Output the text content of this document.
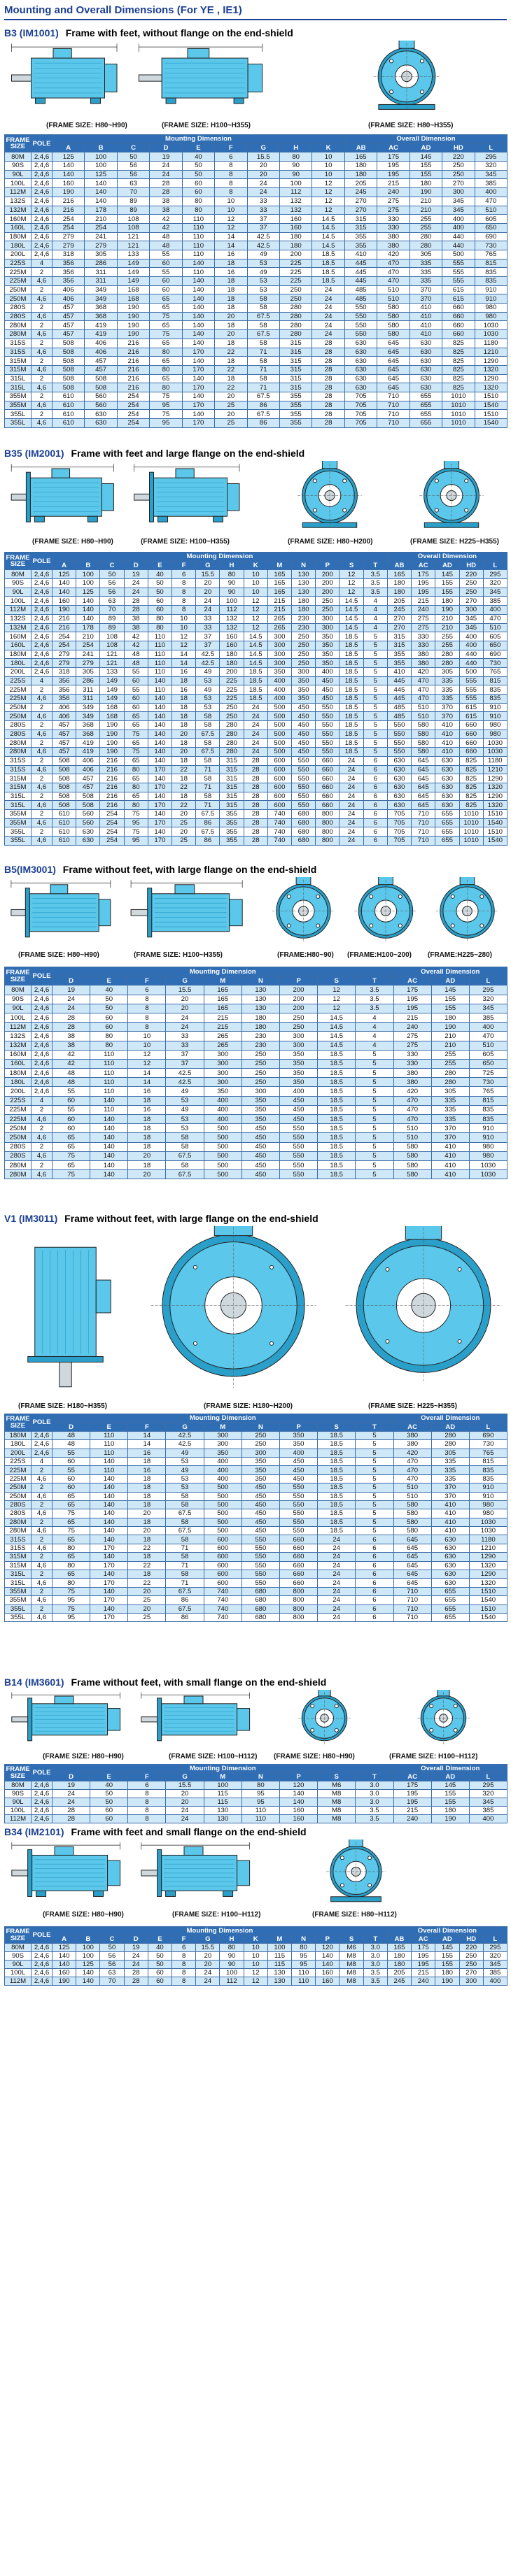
Mounting and Overall Dimensions (For YE , IE1)
B3 (IM1001) Frame with feet, without flange on the end-shield
(FRAME SIZE: H80~H90)	(FRAME SIZE: H100~H355)	(FRAME SIZE: H80~H355)
FRAME SIZE	POLE	Mounting Dimension									Overall Dimension				
		A	B	C	D	E	F	G	H	K	AB	AC	AD	HD	L
80M	2,4,6	125	100	50	19	40	6	15.5	80	10	165	175	145	220	295
90S	2,4,6	140	100	56	24	50	8	20	90	10	180	195	155	250	320
90L	2,4,6	140	125	56	24	50	8	20	90	10	180	195	155	250	345
100L	2,4,6	160	140	63	28	60	8	24	100	12	205	215	180	270	385
112M	2,4,6	190	140	70	28	60	8	24	112	12	245	240	190	300	400
132S	2,4,6	216	140	89	38	80	10	33	132	12	270	275	210	345	470
132M	2,4,6	216	178	89	38	80	10	33	132	12	270	275	210	345	510
160M	2,4,6	254	210	108	42	110	12	37	160	14.5	315	330	255	400	605
160L	2,4,6	254	254	108	42	110	12	37	160	14.5	315	330	255	400	650
180M	2,4,6	279	241	121	48	110	14	42.5	180	14.5	355	380	280	440	690
180L	2,4,6	279	279	121	48	110	14	42.5	180	14.5	355	380	280	440	730
200L	2,4,6	318	305	133	55	110	16	49	200	18.5	410	420	305	500	765
225S	4	356	286	149	60	140	18	53	225	18.5	445	470	335	555	815
225M	2	356	311	149	55	110	16	49	225	18.5	445	470	335	555	835
225M	4,6	356	311	149	60	140	18	53	225	18.5	445	470	335	555	835
250M	2	406	349	168	60	140	18	53	250	24	485	510	370	615	910
250M	4,6	406	349	168	65	140	18	58	250	24	485	510	370	615	910
280S	2	457	368	190	65	140	18	58	280	24	550	580	410	660	980
280S	4,6	457	368	190	75	140	20	67.5	280	24	550	580	410	660	980
280M	2	457	419	190	65	140	18	58	280	24	550	580	410	660	1030
280M	4,6	457	419	190	75	140	20	67.5	280	24	550	580	410	660	1030
315S	2	508	406	216	65	140	18	58	315	28	630	645	630	825	1180
315S	4,6	508	406	216	80	170	22	71	315	28	630	645	630	825	1210
315M	2	508	457	216	65	140	18	58	315	28	630	645	630	825	1290
315M	4,6	508	457	216	80	170	22	71	315	28	630	645	630	825	1320
315L	2	508	508	216	65	140	18	58	315	28	630	645	630	825	1290
315L	4,6	508	508	216	80	170	22	71	315	28	630	645	630	825	1320
355M	2	610	560	254	75	140	20	67.5	355	28	705	710	655	1010	1510
355M	4,6	610	560	254	95	170	25	86	355	28	705	710	655	1010	1540
355L	2	610	630	254	75	140	20	67.5	355	28	705	710	655	1010	1510
355L	4,6	610	630	254	95	170	25	86	355	28	705	710	655	1010	1540
B35 (IM2001) Frame with feet and large flange on the end-shield
(FRAME SIZE: H80~H90)	(FRAME SIZE: H100~H355)	(FRAME SIZE: H80~H200)	(FRAME SIZE: H225~H355)
FRAME SIZE	POLE	Mounting Dimension														Overall Dimension				
		A	B	C	D	E	F	G	H	K	M	N	P	S	T	AB	AC	AD	HD	L
80M	2,4,6	125	100	50	19	40	6	15.5	80	10	165	130	200	12	3.5	165	175	145	220	295
90S	2,4,6	140	100	56	24	50	8	20	90	10	165	130	200	12	3.5	180	195	155	250	320
90L	2,4,6	140	125	56	24	50	8	20	90	10	165	130	200	12	3.5	180	195	155	250	345
100L	2,4,6	160	140	63	28	60	8	24	100	12	215	180	250	14.5	4	205	215	180	270	385
112M	2,4,6	190	140	70	28	60	8	24	112	12	215	180	250	14.5	4	245	240	190	300	400
132S	2,4,6	216	140	89	38	80	10	33	132	12	265	230	300	14.5	4	270	275	210	345	470
132M	2,4,6	216	178	89	38	80	10	33	132	12	265	230	300	14.5	4	270	275	210	345	510
160M	2,4,6	254	210	108	42	110	12	37	160	14.5	300	250	350	18.5	5	315	330	255	400	605
160L	2,4,6	254	254	108	42	110	12	37	160	14.5	300	250	350	18.5	5	315	330	255	400	650
180M	2,4,6	279	241	121	48	110	14	42.5	180	14.5	300	250	350	18.5	5	355	380	280	440	690
180L	2,4,6	279	279	121	48	110	14	42.5	180	14.5	300	250	350	18.5	5	355	380	280	440	730
200L	2,4,6	318	305	133	55	110	16	49	200	18.5	350	300	400	18.5	5	410	420	305	500	765
225S	4	356	286	149	60	140	18	53	225	18.5	400	350	450	18.5	5	445	470	335	555	815
225M	2	356	311	149	55	110	16	49	225	18.5	400	350	450	18.5	5	445	470	335	555	835
225M	4,6	356	311	149	60	140	18	53	225	18.5	400	350	450	18.5	5	445	470	335	555	835
250M	2	406	349	168	60	140	18	53	250	24	500	450	550	18.5	5	485	510	370	615	910
250M	4,6	406	349	168	65	140	18	58	250	24	500	450	550	18.5	5	485	510	370	615	910
280S	2	457	368	190	65	140	18	58	280	24	500	450	550	18.5	5	550	580	410	660	980
280S	4,6	457	368	190	75	140	20	67.5	280	24	500	450	550	18.5	5	550	580	410	660	980
280M	2	457	419	190	65	140	18	58	280	24	500	450	550	18.5	5	550	580	410	660	1030
280M	4,6	457	419	190	75	140	20	67.5	280	24	500	450	550	18.5	5	550	580	410	660	1030
315S	2	508	406	216	65	140	18	58	315	28	600	550	660	24	6	630	645	630	825	1180
315S	4,6	508	406	216	80	170	22	71	315	28	600	550	660	24	6	630	645	630	825	1210
315M	2	508	457	216	65	140	18	58	315	28	600	550	660	24	6	630	645	630	825	1290
315M	4,6	508	457	216	80	170	22	71	315	28	600	550	660	24	6	630	645	630	825	1320
315L	2	508	508	216	65	140	18	58	315	28	600	550	660	24	6	630	645	630	825	1290
315L	4,6	508	508	216	80	170	22	71	315	28	600	550	660	24	6	630	645	630	825	1320
355M	2	610	560	254	75	140	20	67.5	355	28	740	680	800	24	6	705	710	655	1010	1510
355M	4,6	610	560	254	95	170	25	86	355	28	740	680	800	24	6	705	710	655	1010	1540
355L	2	610	630	254	75	140	20	67.5	355	28	740	680	800	24	6	705	710	655	1010	1510
355L	4,6	610	630	254	95	170	25	86	355	28	740	680	800	24	6	705	710	655	1010	1540
B5(IM3001) Frame without feet, with large flange on the end-shield
(FRAME SIZE: H80~H90)	(FRAME SIZE: H100~H355)	(FRAME:H80~90) (FRAME:H100~200) (FRAME:H225~280)
FRAME SIZE	POLE	Mounting Dimension									Overall Dimension		
		D	E	F	G	M	N	P	S	T	AC	AD	L
80M	2,4,6	19	40	6	15.5	165	130	200	12	3.5	175	145	295
90S	2,4,6	24	50	8	20	165	130	200	12	3.5	195	155	320
90L	2,4,6	24	50	8	20	165	130	200	12	3.5	195	155	345
100L	2,4,6	28	60	8	24	215	180	250	14.5	4	215	180	385
112M	2,4,6	28	60	8	24	215	180	250	14.5	4	240	190	400
132S	2,4,6	38	80	10	33	265	230	300	14.5	4	275	210	470
132M	2,4,6	38	80	10	33	265	230	300	14.5	4	275	210	510
160M	2,4,6	42	110	12	37	300	250	350	18.5	5	330	255	605
160L	2,4,6	42	110	12	37	300	250	350	18.5	5	330	255	650
180M	2,4,6	48	110	14	42.5	300	250	350	18.5	5	380	280	725
180L	2,4,6	48	110	14	42.5	300	250	350	18.5	5	380	280	730
200L	2,4,6	55	110	16	49	350	300	400	18.5	5	420	305	765
225S	4	60	140	18	53	400	350	450	18.5	5	470	335	815
225M	2	55	110	16	49	400	350	450	18.5	5	470	335	835
225M	4,6	60	140	18	53	400	350	450	18.5	5	470	335	835
250M	2	60	140	18	53	500	450	550	18.5	5	510	370	910
250M	4,6	65	140	18	58	500	450	550	18.5	5	510	370	910
280S	2	65	140	18	58	500	450	550	18.5	5	580	410	980
280S	4,6	75	140	20	67.5	500	450	550	18.5	5	580	410	980
280M	2	65	140	18	58	500	450	550	18.5	5	580	410	1030
280M	4,6	75	140	20	67.5	500	450	550	18.5	5	580	410	1030
V1 (IM3011) Frame without feet, with large flange on the end-shield
(FRAME SIZE: H180~H355)	(FRAME SIZE: H180~H200)	(FRAME SIZE: H225~H355)
FRAME SIZE	POLE	Mounting Dimension									Overall Dimension		
		D	E	F	G	M	N	P	S	T	AC	AD	L
180M	2,4,6	48	110	14	42.5	300	250	350	18.5	5	380	280	690
180L	2,4,6	48	110	14	42.5	300	250	350	18.5	5	380	280	730
200L	2,4,6	55	110	16	49	350	300	400	18.5	5	420	305	765
225S	4	60	140	18	53	400	350	450	18.5	5	470	335	815
225M	2	55	110	16	49	400	350	450	18.5	5	470	335	835
225M	4,6	60	140	18	53	400	350	450	18.5	5	470	335	835
250M	2	60	140	18	53	500	450	550	18.5	5	510	370	910
250M	4,6	65	140	18	58	500	450	550	18.5	5	510	370	910
280S	2	65	140	18	58	500	450	550	18.5	5	580	410	980
280S	4,6	75	140	20	67.5	500	450	550	18.5	5	580	410	980
280M	2	65	140	18	58	500	450	550	18.5	5	580	410	1030
280M	4,6	75	140	20	67.5	500	450	550	18.5	5	580	410	1030
315S	2	65	140	18	58	600	550	660	24	6	645	630	1180
315S	4,6	80	170	22	71	600	550	660	24	6	645	630	1210
315M	2	65	140	18	58	600	550	660	24	6	645	630	1290
315M	4,6	80	170	22	71	600	550	660	24	6	645	630	1320
315L	2	65	140	18	58	600	550	660	24	6	645	630	1290
315L	4,6	80	170	22	71	600	550	660	24	6	645	630	1320
355M	2	75	140	20	67.5	740	680	800	24	6	710	655	1510
355M	4,6	95	170	25	86	740	680	800	24	6	710	655	1540
355L	2	75	140	20	67.5	740	680	800	24	6	710	655	1510
355L	4,6	95	170	25	86	740	680	800	24	6	710	655	1540
B14 (IM3601) Frame without feet, with small flange on the end-shield
(FRAME SIZE: H80~H90)	(FRAME SIZE: H100~H112) (FRAME SIZE: H80~H90)	(FRAME SIZE: H100~H112)
FRAME SIZE	POLE	Mounting Dimension									Overall Dimension		
		D	E	F	G	M	N	P	S	T	AC	AD	L
80M	2,4,6	19	40	6	15.5	100	80	120	M6	3.0	175	145	295
90S	2,4,6	24	50	8	20	115	95	140	M8	3.0	195	155	320
90L	2,4,6	24	50	8	20	115	95	140	M8	3.0	195	155	345
100L	2,4,6	28	60	8	24	130	110	160	M8	3.5	215	180	385
112M	2,4,6	28	60	8	24	130	110	160	M8	3.5	240	190	400
B34 (IM2101) Frame with feet and small flange on the end-shield
(FRAME SIZE: H80~H90)	(FRAME SIZE: H100~H112)	(FRAME SIZE: H80~H112)
FRAME SIZE	POLE	Mounting Dimension														Overall Dimension				
		A	B	C	D	E	F	G	H	K	M	N	P	S	T	AB	AC	AD	HD	L
80M	2,4,6	125	100	50	19	40	6	15.5	80	10	100	80	120	M6	3.0	165	175	145	220	295
90S	2,4,6	140	100	56	24	50	8	20	90	10	115	95	140	M8	3.0	180	195	155	250	320
90L	2,4,6	140	125	56	24	50	8	20	90	10	115	95	140	M8	3.0	180	195	155	250	345
100L	2,4,6	160	140	63	28	60	8	24	100	12	130	110	160	M8	3.5	205	215	180	270	385
112M	2,4,6	190	140	70	28	60	8	24	112	12	130	110	160	M8	3.5	245	240	190	300	400
